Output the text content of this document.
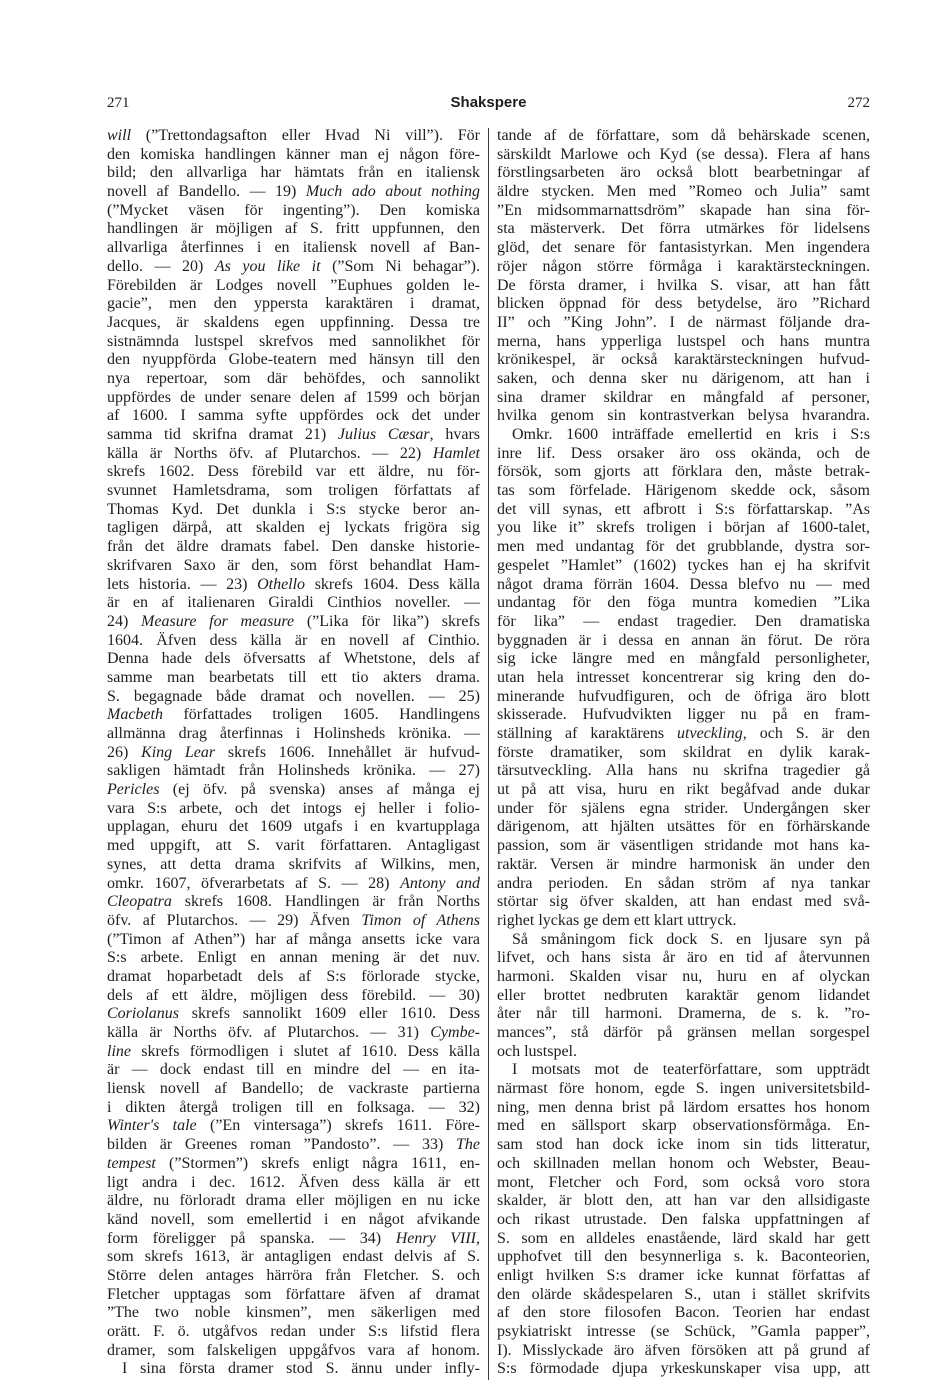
271	Shakspere	272
will (”Trettondagsafton eller Hvad Ni vill”). För
den komiska handlingen känner man ej någon före-
bild; den allvarliga har hämtats från en italiensk
novell af Bandello. — 19) Much ado about nothing
(”Mycket väsen för ingenting”). Den komiska
handlingen är möjligen af S. fritt uppfunnen, den
allvarliga återfinnes i en italiensk novell af Ban-
dello. — 20) As you like it (”Som Ni behagar”).
Förebilden är Lodges novell ”Euphues golden le-
gacie”, men den yppersta karaktären i dramat,
Jacques, är skaldens egen uppfinning. Dessa tre
sistnämnda lustspel skrefvos med sannolikhet för
den nyuppförda Globe-teatern med hänsyn till den
nya repertoar, som där behöfdes, och sannolikt
uppfördes de under senare delen af 1599 och början
af 1600. I samma syfte uppfördes ock det under
samma tid skrifna dramat 21) Julius Cæsar, hvars
källa är Norths öfv. af Plutarchos. — 22) Hamlet
skrefs 1602. Dess förebild var ett äldre, nu för-
svunnet Hamletsdrama, som troligen författats af
Thomas Kyd. Det dunkla i S:s stycke beror an-
tagligen därpå, att skalden ej lyckats frigöra sig
från det äldre dramats fabel. Den danske historie-
skrifvaren Saxo är den, som först behandlat Ham-
lets historia. — 23) Othello skrefs 1604. Dess källa
är en af italienaren Giraldi Cinthios noveller. —
24) Measure for measure (”Lika för lika”) skrefs
1604. Äfven dess källa är en novell af Cinthio.
Denna hade dels öfversatts af Whetstone, dels af
samme man bearbetats till ett tio akters drama.
S. begagnade både dramat och novellen. — 25)
Macbeth författades troligen 1605. Handlingens
allmänna drag återfinnas i Holinsheds krönika. —
26) King Lear skrefs 1606. Innehållet är hufvud-
sakligen hämtadt från Holinsheds krönika. — 27)
Pericles (ej öfv. på svenska) anses af många ej
vara S:s arbete, och det intogs ej heller i folio-
upplagan, ehuru det 1609 utgafs i en kvartupplaga
med uppgift, att S. varit författaren. Antagligast
synes, att detta drama skrifvits af Wilkins, men,
omkr. 1607, öfverarbetats af S. — 28) Antony and
Cleopatra skrefs 1608. Handlingen är från Norths
öfv. af Plutarchos. — 29) Äfven Timon of Athens
(”Timon af Athen”) har af många ansetts icke vara
S:s arbete. Enligt en annan mening är det nuv.
dramat hoparbetadt dels af S:s förlorade stycke,
dels af ett äldre, möjligen dess förebild. — 30)
Coriolanus skrefs sannolikt 1609 eller 1610. Dess
källa är Norths öfv. af Plutarchos. — 31) Cymbe-
line skrefs förmodligen i slutet af 1610. Dess källa
är — dock endast till en mindre del — en ita-
liensk novell af Bandello; de vackraste partierna
i dikten återgå troligen till en folksaga. — 32)
Winter's tale (”En vintersaga”) skrefs 1611. Före-
bilden är Greenes roman ”Pandosto”. — 33) The
tempest (”Stormen”) skrefs enligt några 1611, en-
ligt andra i dec. 1612. Äfven dess källa är ett
äldre, nu förloradt drama eller möjligen en nu icke
känd novell, som emellertid i en något afvikande
form föreligger på spanska. — 34) Henry VIII,
som skrefs 1613, är antagligen endast delvis af S.
Större delen antages härröra från Fletcher. S. och
Fletcher upptagas som författare äfven af dramat
”The two noble kinsmen”, men säkerligen med
orätt. F. ö. utgåfvos redan under S:s lifstid flera
dramer, som falskeligen uppgåfvos vara af honom.
I sina första dramer stod S. ännu under infly-
tande af de författare, som då behärskade scenen,
särskildt Marlowe och Kyd (se dessa). Flera af hans
förstlingsarbeten äro också blott bearbetningar af
äldre stycken. Men med ”Romeo och Julia” samt
”En midsommarnattsdröm” skapade han sina för-
sta mästerverk. Det förra utmärkes för lidelsens
glöd, det senare för fantasistyrkan. Men ingendera
röjer någon större förmåga i karaktärsteckningen.
De första dramer, i hvilka S. visar, att han fått
blicken öppnad för dess betydelse, äro ”Richard
II” och ”King John”. I de närmast följande dra-
merna, hans ypperliga lustspel och hans muntra
krönikespel, är också karaktärsteckningen hufvud-
saken, och denna sker nu därigenom, att han i
sina dramer skildrar en mångfald af personer,
hvilka genom sin kontrastverkan belysa hvarandra.
Omkr. 1600 inträffade emellertid en kris i S:s
inre lif. Dess orsaker äro oss okända, och de
försök, som gjorts att förklara den, måste betrak-
tas som förfelade. Härigenom skedde ock, såsom
det vill synas, ett afbrott i S:s författarskap. ”As
you like it” skrefs troligen i början af 1600-talet,
men med undantag för det grubblande, dystra sor-
gespelet ”Hamlet” (1602) tyckes han ej ha skrifvit
något drama förrän 1604. Dessa blefvo nu — med
undantag för den föga muntra komedien ”Lika
för lika” — endast tragedier. Den dramatiska
byggnaden är i dessa en annan än förut. De röra
sig icke längre med en mångfald personligheter,
utan hela intresset koncentrerar sig kring den do-
minerande hufvudfiguren, och de öfriga äro blott
skisserade. Hufvudvikten ligger nu på en fram-
ställning af karaktärens utveckling, och S. är den
förste dramatiker, som skildrat en dylik karak-
tärsutveckling. Alla hans nu skrifna tragedier gå
ut på att visa, huru en rikt begåfvad ande dukar
under för själens egna strider. Undergången sker
därigenom, att hjälten utsättes för en förhärskande
passion, som är väsentligen stridande mot hans ka-
raktär. Versen är mindre harmonisk än under den
andra perioden. En sådan ström af nya tankar
störtar sig öfver skalden, att han endast med svå-
righet lyckas ge dem ett klart uttryck.
Så småningom fick dock S. en ljusare syn på
lifvet, och hans sista år äro en tid af återvunnen
harmoni. Skalden visar nu, huru en af olyckan
eller brottet nedbruten karaktär genom lidandet
åter når till harmoni. Dramerna, de s. k. ”ro-
mances”, stå därför på gränsen mellan sorgespel
och lustspel.
I motsats mot de teaterförfattare, som uppträdt
närmast före honom, egde S. ingen universitetsbild-
ning, men denna brist på lärdom ersattes hos honom
med en sällsport skarp observationsförmåga. En-
sam stod han dock icke inom sin tids litteratur,
och skillnaden mellan honom och Webster, Beau-
mont, Fletcher och Ford, som också voro stora
skalder, är blott den, att han var den allsidigaste
och rikast utrustade. Den falska uppfattningen af
S. som en alldeles enastående, lärd skald har gett
upphofvet till den besynnerliga s. k. Baconteorien,
enligt hvilken S:s dramer icke kunnat författas af
den olärde skådespelaren S., utan i stället skrifvits
af den store filosofen Bacon. Teorien har endast
psykiatriskt intresse (se Schück, ”Gamla papper”,
I). Misslyckade äro äfven försöken att på grund af
S:s förmodade djupa yrkeskunskaper visa upp, att
